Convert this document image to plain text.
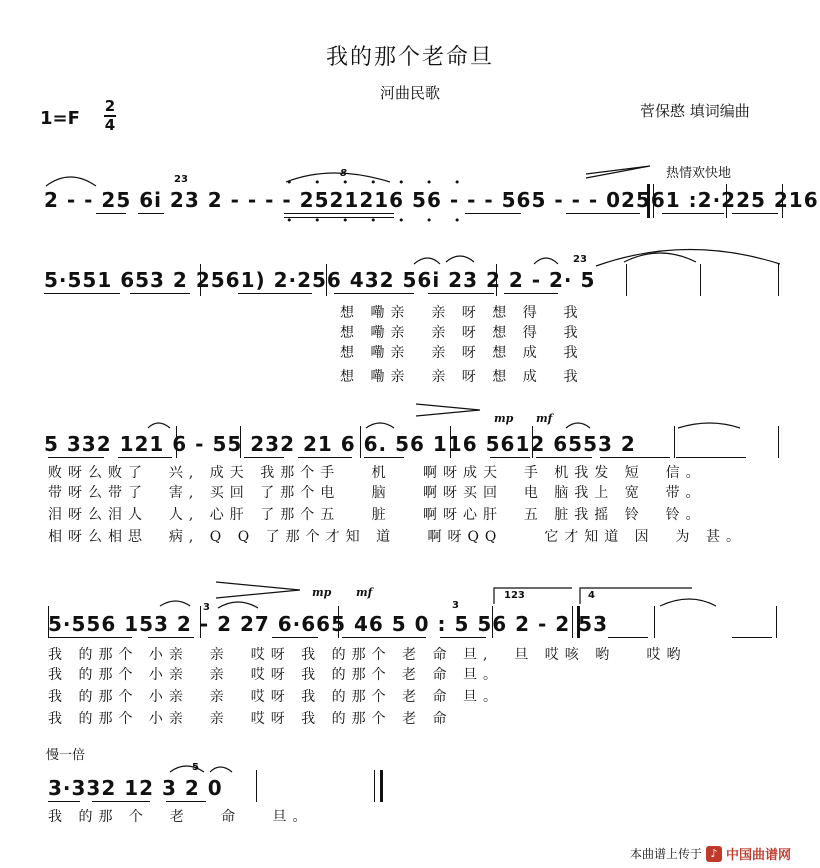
我的那个老命旦
河曲民歌
1=F
2
4
菅保憨 填词编曲
热情欢快地
• • • • • • •
2 - - 25 6i 23 2 - - - - 2521216 56 - - - 565 - - - 02561 :2·225 216
• • • • • • •
23
8
5·551 653 2 2561) 2·256 432 56i 23 2 2 - 2· 5
23
想 嘞亲  亲 呀 想 得  我
想 嘞亲  亲 呀 想 得  我
想 嘞亲  亲 呀 想 成  我
想 嘞亲  亲 呀 想 成  我
5 332 121 6 - 55 232 21 6 6. 56 116 5612 6553 2
mp mf
败呀么败了  兴, 成天 我那个手   机   啊呀成天  手 机我发 短  信。
带呀么带了  害, 买回 了那个电   脑   啊呀买回  电 脑我上 宽  带。
泪呀么泪人  人, 心肝 了那个五   脏   啊呀心肝  五 脏我摇 铃  铃。
相呀么相思  病, Q Q 了那个才知 道   啊呀QQ    它才知道 因  为 甚。
5·556 153 2 - 2 27 6·665 46 5 0 : 5 56 2 - 2 53
mp mf	123	4
3	3
我 的那个 小亲  亲  哎呀 我 的那个 老 命 旦,  旦 哎咳 哟   哎哟
我 的那个 小亲  亲  哎呀 我 的那个 老 命 旦。
我 的那个 小亲  亲  哎呀 我 的那个 老 命 旦。
我 的那个 小亲  亲  哎呀 我 的那个 老 命
慢一倍
3·332 12 3 2 0
5
我 的那 个  老   命   旦。
本曲谱上传于 ♪ 中国曲谱网
